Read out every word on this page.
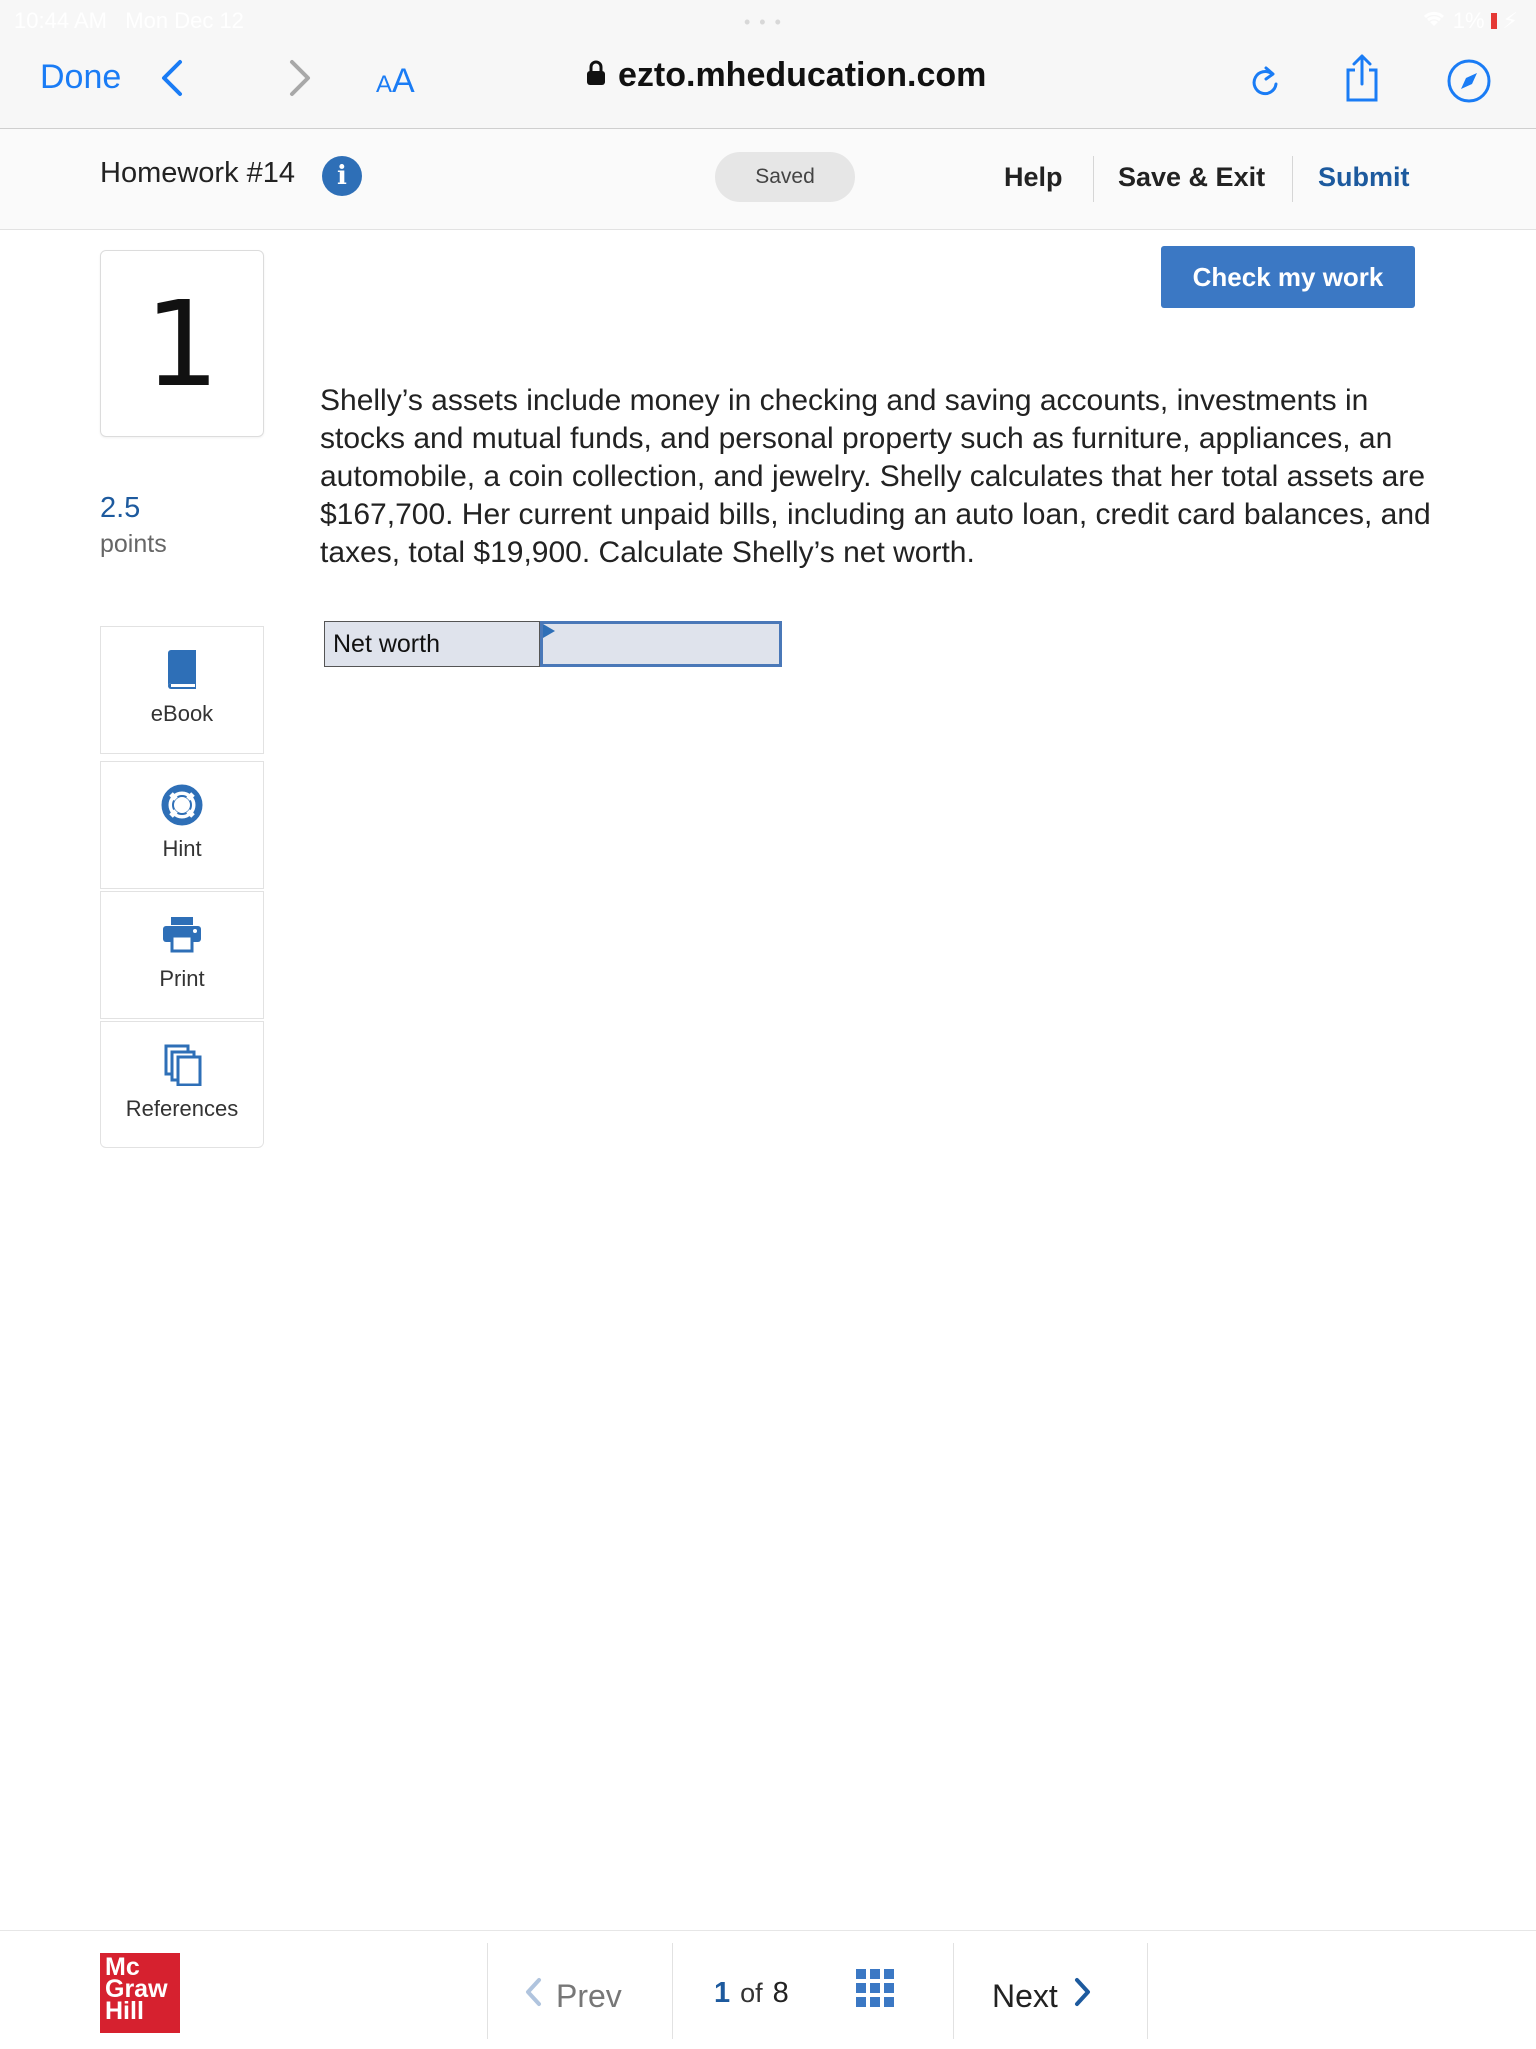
10:44 AM Mon Dec 12	• • •	1% ⚡
Done	AA	ezto.mheducation.com
Homework #14	i	Saved	Help Save & Exit Submit
1
2.5
points
eBook
Hint
Print
References
Check my work
Shelly’s assets include money in checking and saving accounts, investments in stocks and mutual funds, and personal property such as furniture, appliances, an automobile, a coin collection, and jewelry. Shelly calculates that her total assets are $167,700. Her current unpaid bills, including an auto loan, credit card balances, and taxes, total $19,900. Calculate Shelly’s net worth.
Net worth
Mc
Graw
Hill	Prev	1 of 8	Next
